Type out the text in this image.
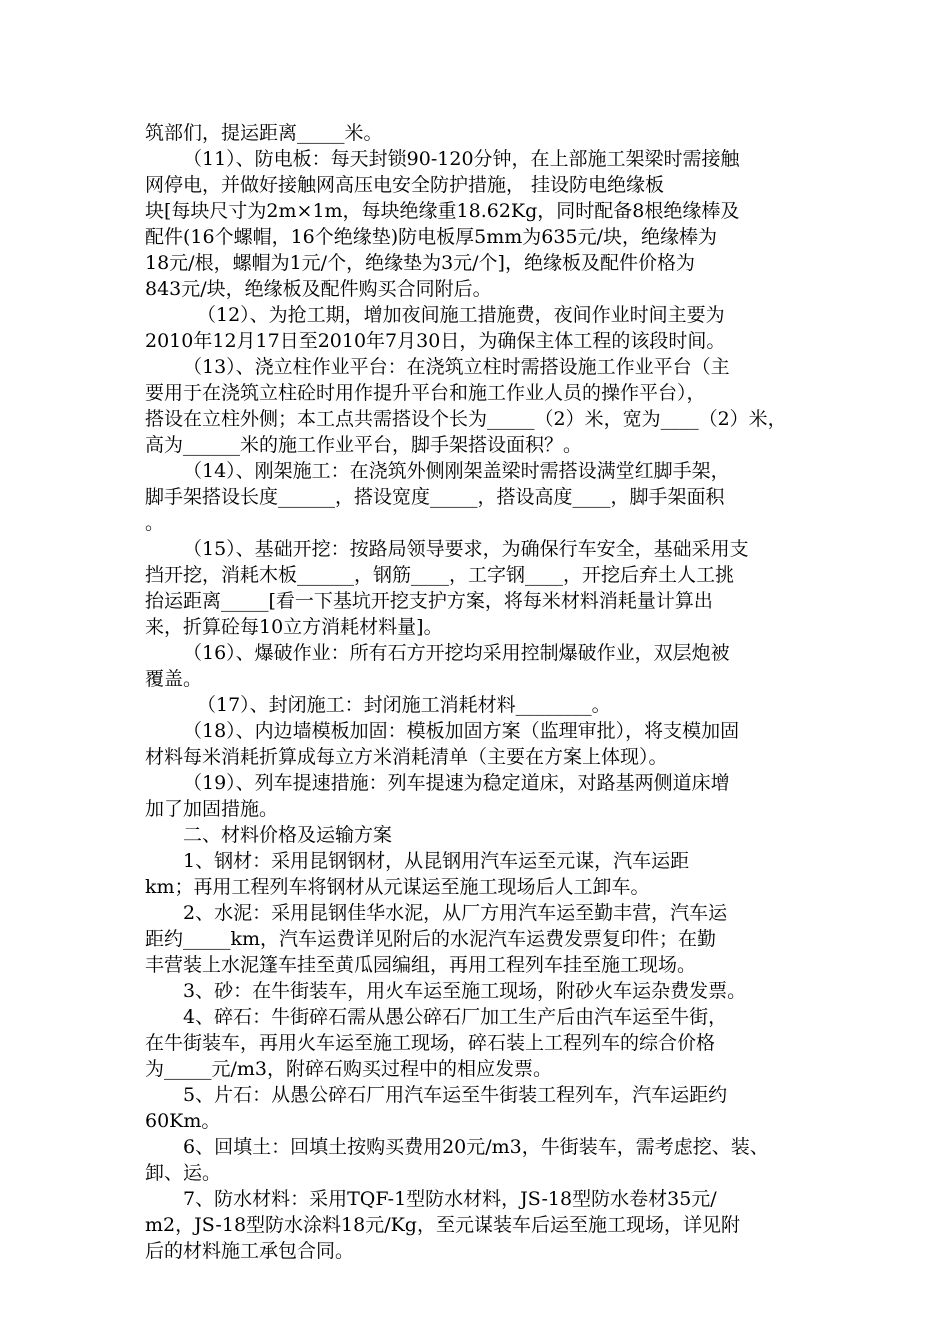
筑部们，提运距离_____米。
（11）、防电板：每天封锁90-120分钟，在上部施工架梁时需接触
网停电，并做好接触网高压电安全防护措施， 挂设防电绝缘板
块[每块尺寸为2m×1m，每块绝缘重18.62Kg，同时配备8根绝缘棒及
配件(16个螺帽，16个绝缘垫)防电板厚5mm为635元/块，绝缘棒为
18元/根，螺帽为1元/个，绝缘垫为3元/个]，绝缘板及配件价格为
843元/块，绝缘板及配件购买合同附后。
（12）、为抢工期，增加夜间施工措施费，夜间作业时间主要为
2010年12月17日至2010年7月30日，为确保主体工程的该段时间。
（13）、浇立柱作业平台：在浇筑立柱时需搭设施工作业平台（主
要用于在浇筑立柱砼时用作提升平台和施工作业人员的操作平台），
搭设在立柱外侧；本工点共需搭设个长为_____（2）米，宽为____（2）米，
高为______米的施工作业平台，脚手架搭设面积？。
（14）、刚架施工：在浇筑外侧刚架盖梁时需搭设满堂红脚手架，
脚手架搭设长度______，搭设宽度_____，搭设高度____，脚手架面积
。
（15）、基础开挖：按路局领导要求，为确保行车安全，基础采用支
挡开挖，消耗木板______，钢筋____，工字钢____，开挖后弃土人工挑
抬运距离_____[看一下基坑开挖支护方案，将每米材料消耗量计算出
来，折算砼每10立方消耗材料量]。
（16）、爆破作业：所有石方开挖均采用控制爆破作业，双层炮被
覆盖。
（17）、封闭施工：封闭施工消耗材料________。
（18）、内边墙模板加固：模板加固方案（监理审批），将支模加固
材料每米消耗折算成每立方米消耗清单（主要在方案上体现）。
（19）、列车提速措施：列车提速为稳定道床，对路基两侧道床增
加了加固措施。
二、材料价格及运输方案
1、钢材：采用昆钢钢材，从昆钢用汽车运至元谋，汽车运距
km；再用工程列车将钢材从元谋运至施工现场后人工卸车。
2、水泥：采用昆钢佳华水泥，从厂方用汽车运至勤丰营，汽车运
距约_____km，汽车运费详见附后的水泥汽车运费发票复印件；在勤
丰营装上水泥篷车挂至黄瓜园编组，再用工程列车挂至施工现场。
3、砂：在牛街装车，用火车运至施工现场，附砂火车运杂费发票。
4、碎石：牛街碎石需从愚公碎石厂加工生产后由汽车运至牛街，
在牛街装车，再用火车运至施工现场，碎石装上工程列车的综合价格
为_____元/m3，附碎石购买过程中的相应发票。
5、片石：从愚公碎石厂用汽车运至牛街装工程列车，汽车运距约
60Km。
6、回填土：回填土按购买费用20元/m3，牛街装车，需考虑挖、装、
卸、运。
7、防水材料：采用TQF-1型防水材料，JS-18型防水卷材35元/
m2，JS-18型防水涂料18元/Kg，至元谋装车后运至施工现场，详见附
后的材料施工承包合同。
